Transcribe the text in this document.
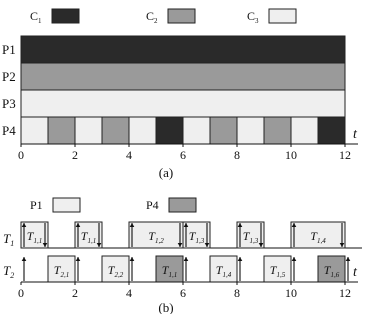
$C_1$	$C_2$	$C_3$
P1
P2
P3
P4	t
0	2	4	6	8	10	12
(a)
P1	P4
$T_1$
$T_2$
$T_{1,1}$	$T_{1,1}$	$T_{1,2}$ $T_{1,3}$	$T_{1,3}$	$T_{1,4}$
$T_{2,1}$	$T_{2,2}$	$T_{1,1}$	$T_{1,4}$	$T_{1,5}$	$T_{1,6}$ t
0	2	4	6	8	10	12
(b)
